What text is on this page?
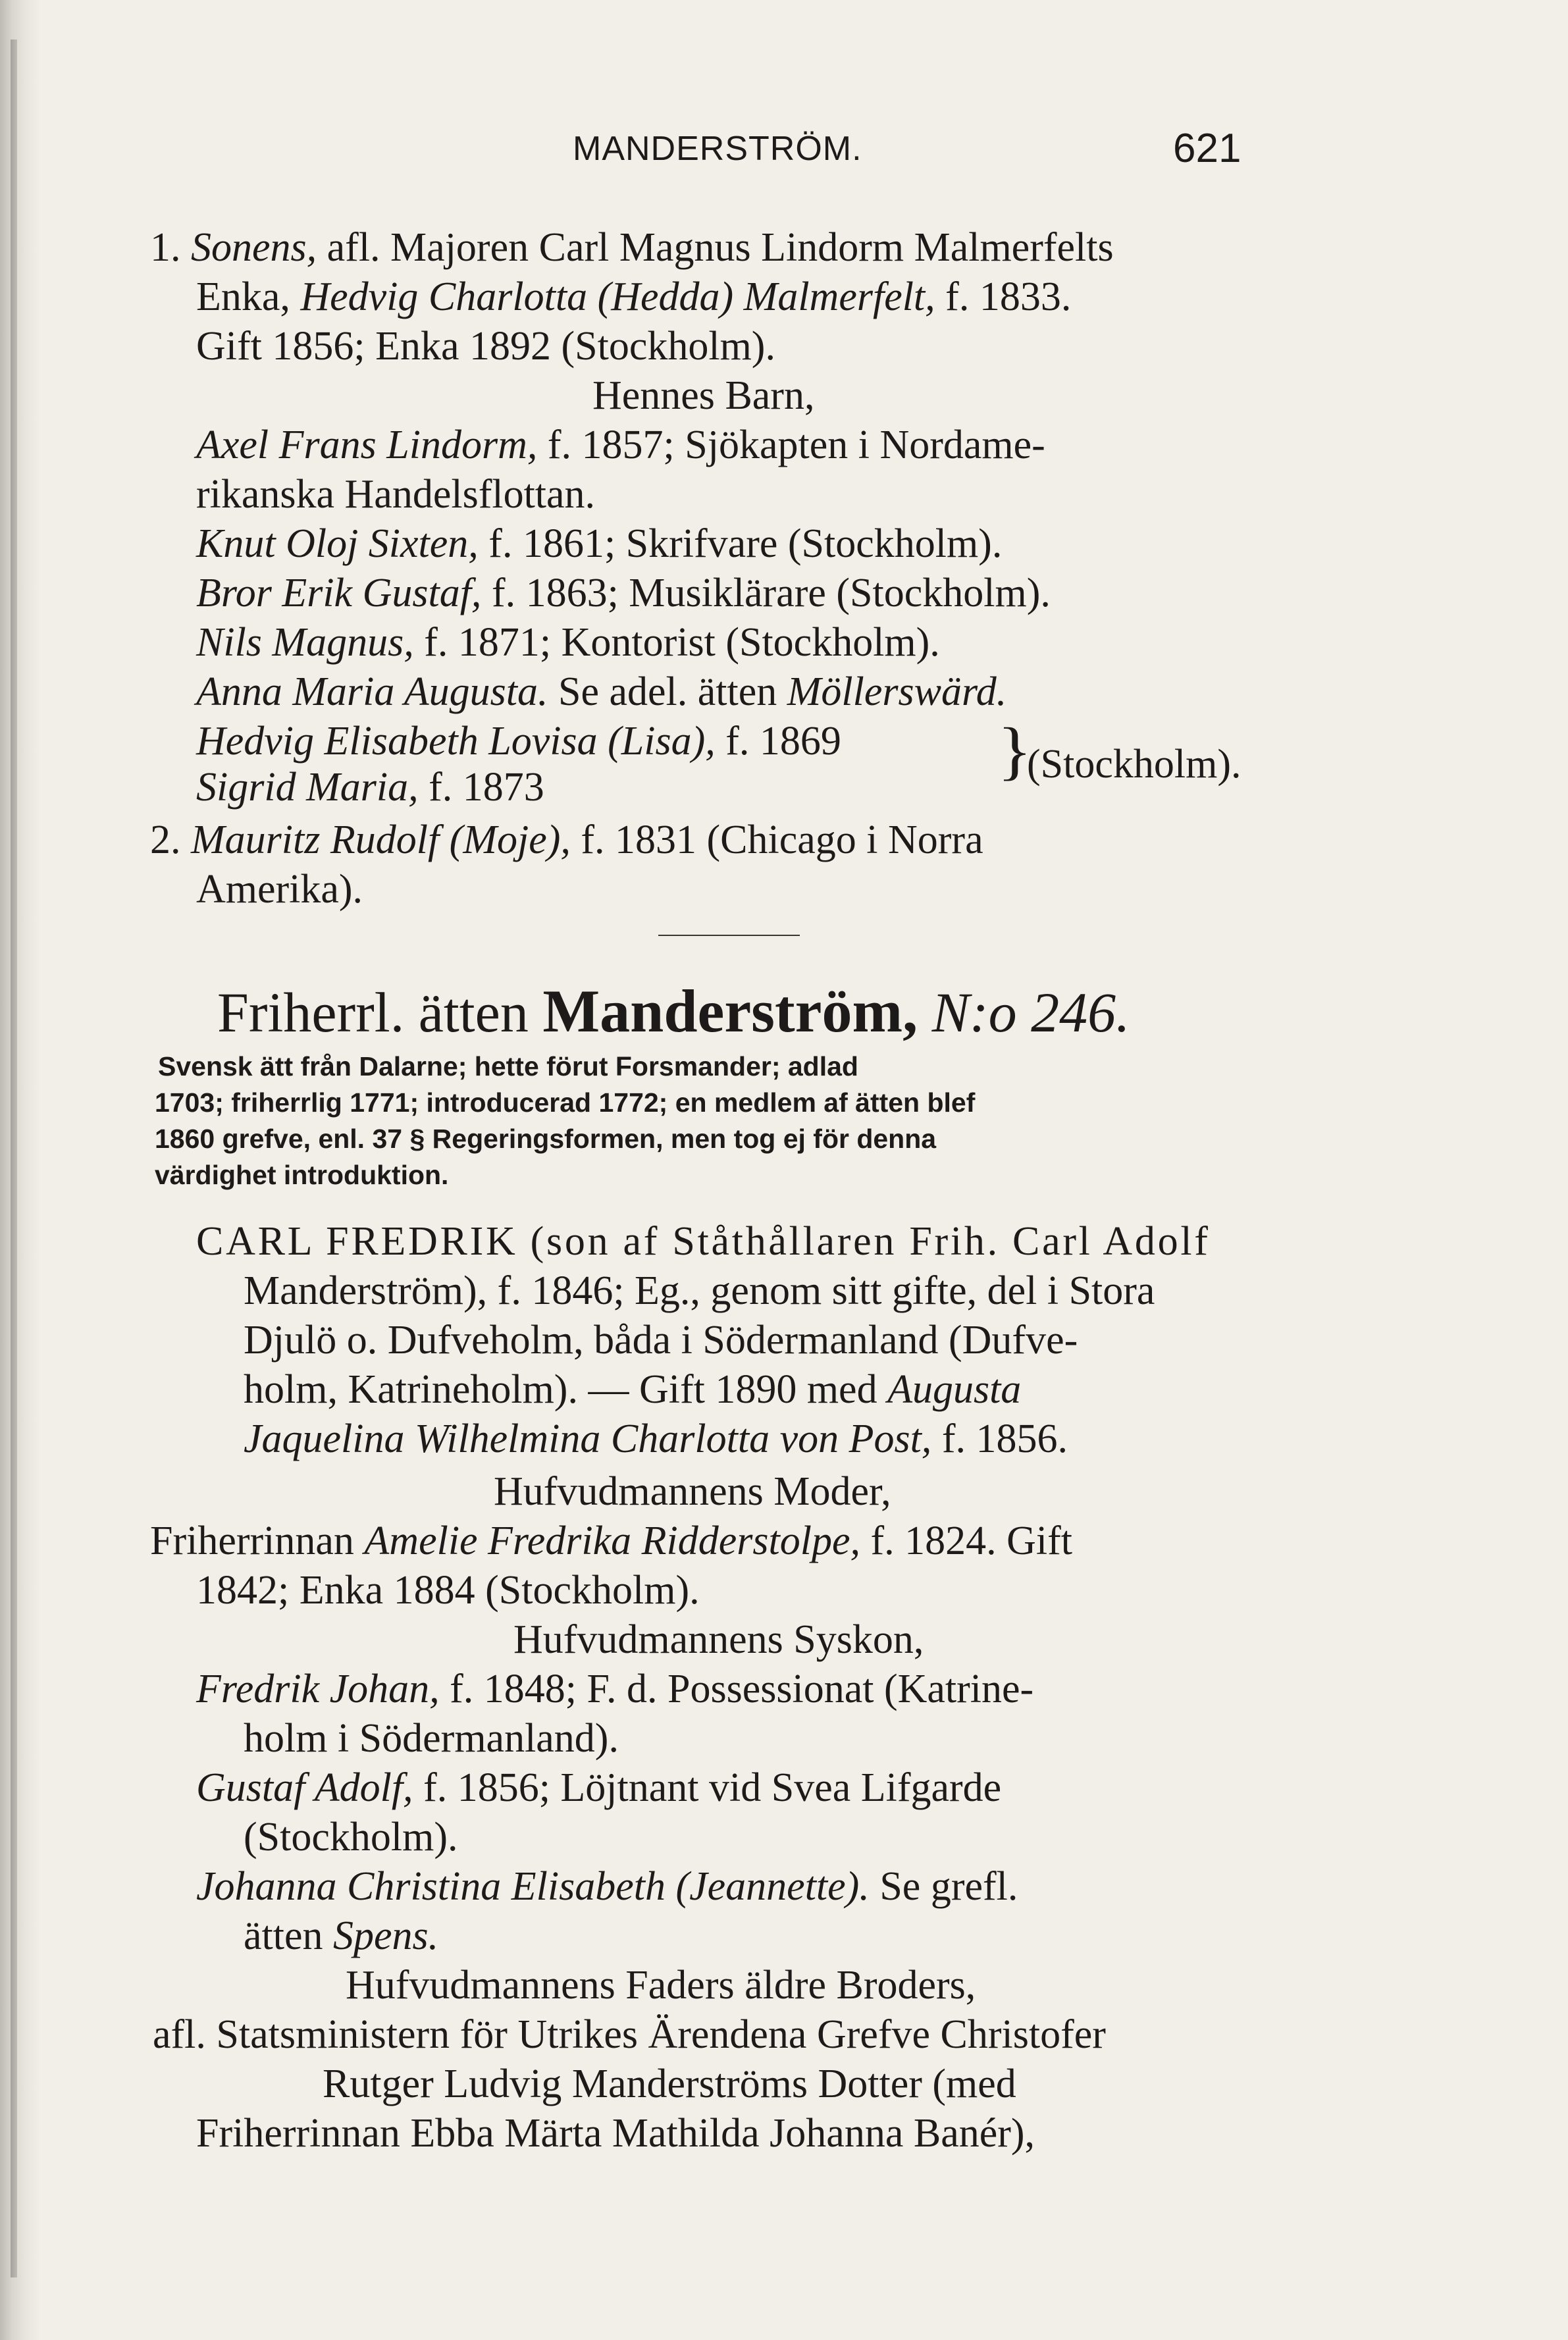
MANDERSTRÖM.	621
1. Sonens, afl. Majoren Carl Magnus Lindorm Malmerfelts
Enka, Hedvig Charlotta (Hedda) Malmerfelt, f. 1833.
Gift 1856; Enka 1892 (Stockholm).
Hennes Barn,
Axel Frans Lindorm, f. 1857; Sjökapten i Nordame-
rikanska Handelsflottan.
Knut Oloj Sixten, f. 1861; Skrifvare (Stockholm).
Bror Erik Gustaf, f. 1863; Musiklärare (Stockholm).
Nils Magnus, f. 1871; Kontorist (Stockholm).
Anna Maria Augusta. Se adel. ätten Möllerswärd.
Hedvig Elisabeth Lovisa (Lisa), f. 1869
Sigrid Maria, f. 1873
}
(Stockholm).
2. Mauritz Rudolf (Moje), f. 1831 (Chicago i Norra
Amerika).
Friherrl. ätten Manderström, N:o 246.
Svensk ätt från Dalarne; hette förut Forsmander; adlad
1703; friherrlig 1771; introducerad 1772; en medlem af ätten blef
1860 grefve, enl. 37 § Regeringsformen, men tog ej för denna
värdighet introduktion.
CARL FREDRIK (son af Ståthållaren Frih. Carl Adolf
Manderström), f. 1846; Eg., genom sitt gifte, del i Stora
Djulö o. Dufveholm, båda i Södermanland (Dufve-
holm, Katrineholm). — Gift 1890 med Augusta
Jaquelina Wilhelmina Charlotta von Post, f. 1856.
Hufvudmannens Moder,
Friherrinnan Amelie Fredrika Ridderstolpe, f. 1824. Gift
1842; Enka 1884 (Stockholm).
Hufvudmannens Syskon,
Fredrik Johan, f. 1848; F. d. Possessionat (Katrine-
holm i Södermanland).
Gustaf Adolf, f. 1856; Löjtnant vid Svea Lifgarde
(Stockholm).
Johanna Christina Elisabeth (Jeannette). Se grefl.
ätten Spens.
Hufvudmannens Faders äldre Broders,
afl. Statsministern för Utrikes Ärendena Grefve Christofer
Rutger Ludvig Manderströms Dotter (med
Friherrinnan Ebba Märta Mathilda Johanna Banér),
